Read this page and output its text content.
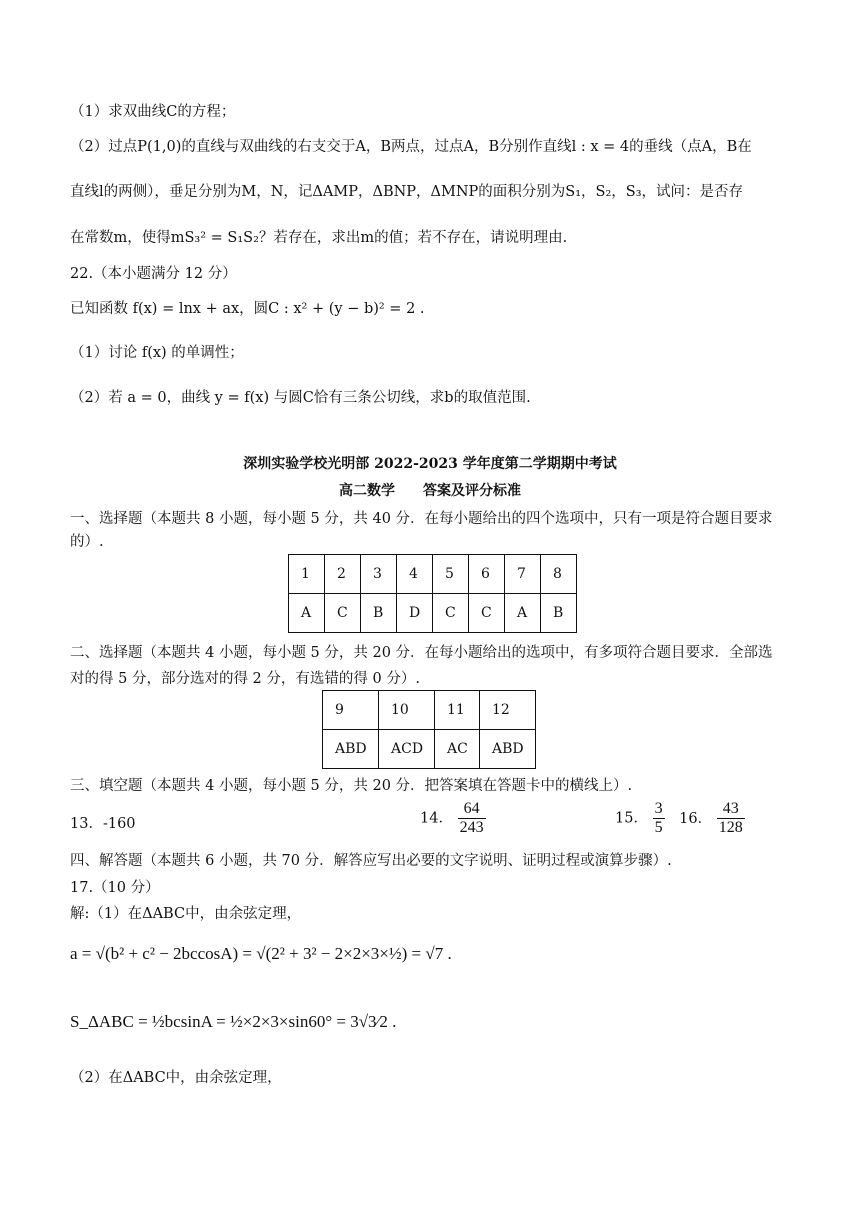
（1）求双曲线C的方程；
（2）过点P(1,0)的直线与双曲线的右支交于A，B两点，过点A，B分别作直线l : x = 4的垂线（点A，B在
直线l的两侧），垂足分别为M，N，记ΔAMP，ΔBNP，ΔMNP的面积分别为S₁，S₂，S₃，试问：是否存
在常数m，使得mS₃² = S₁S₂？若存在，求出m的值；若不存在，请说明理由.
22.（本小题满分 12 分）
已知函数 f(x) = lnx + ax，圆C : x² + (y − b)² = 2 .
（1）讨论 f(x) 的单调性；
（2）若 a = 0，曲线 y = f(x) 与圆C恰有三条公切线，求b的取值范围.
深圳实验学校光明部 2022-2023 学年度第二学期期中考试
高二数学　　答案及评分标准
一、选择题（本题共 8 小题，每小题 5 分，共 40 分．在每小题给出的四个选项中，只有一项是符合题目要求
的）.
1	2	3	4	5	6	7	8
A	C	B	D	C	C	A	B
二、选择题（本题共 4 小题，每小题 5 分，共 20 分．在每小题给出的选项中，有多项符合题目要求．全部选
对的得 5 分，部分选对的得 2 分，有选错的得 0 分）.
9	10	11	12
ABD	ACD	AC	ABD
三、填空题（本题共 4 小题，每小题 5 分，共 20 分．把答案填在答题卡中的横线上）.
13．-160	14． $\frac{64}{243}$	15． $\frac{3}{5} 16$． $\frac{43}{128}$
四、解答题（本题共 6 小题，共 70 分．解答应写出必要的文字说明、证明过程或演算步骤）.
17.（10 分）
解:（1）在ΔABC中，由余弦定理，
a = √(b² + c² − 2bccosA) = √(2² + 3² − 2×2×3×½) = √7 .
S_ΔABC = ½bcsinA = ½×2×3×sin60° = 3√3⁄2 .
（2）在ΔABC中，由余弦定理，
